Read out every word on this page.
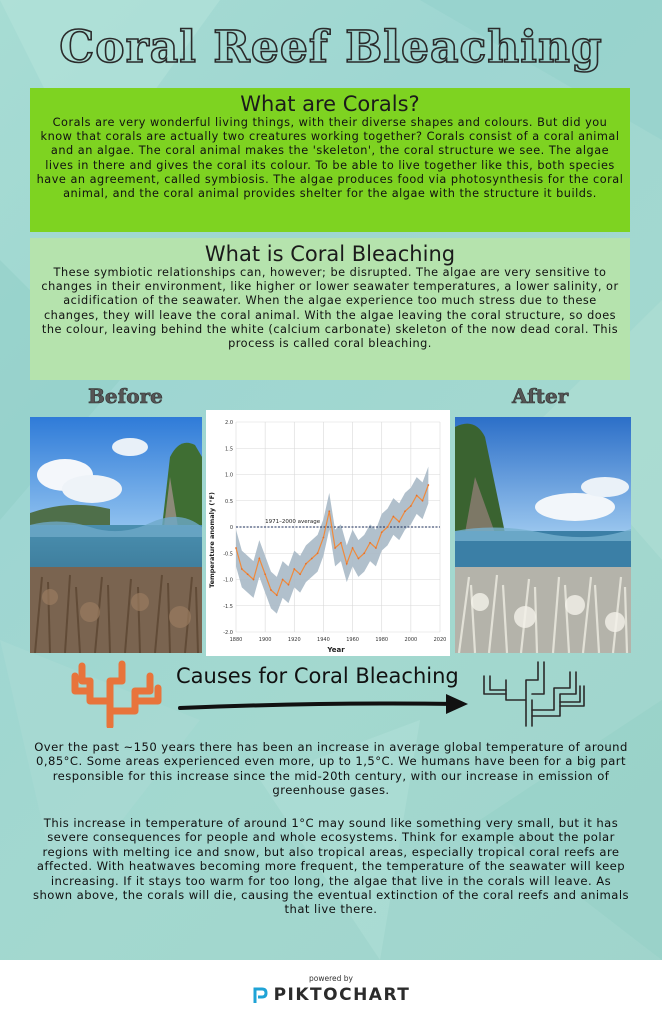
Coral Reef Bleaching
What are Corals?

Corals are very wonderful living things, with their diverse shapes and colours. But did you know that corals are actually two creatures working together? Corals consist of a coral animal and an algae. The coral animal makes the 'skeleton', the coral structure we see. The algae lives in there and gives the coral its colour. To be able to live together like this, both species have an agreement, called symbiosis. The algae produces food via photosynthesis for the coral animal, and the coral animal provides shelter for the algae with the structure it builds.

What is Coral Bleaching

These symbiotic relationships can, however; be disrupted. The algae are very sensitive to changes in their environment, like higher or lower seawater temperatures, a lower salinity, or acidification of the seawater. When the algae experience too much stress due to these changes, they will leave the coral animal. With the algae leaving the coral structure, so does the colour, leaving behind the white (calcium carbonate) skeleton of the now dead coral. This process is called coral bleaching.

Before	After
Temperature anomaly (°F)
Year
2.0
1.5
1.0
0.5
0
-0.5
-1.0
-1.5
-2.0
1880	1900	1920	1940	1960	1980	2000	2020
1971–2000 average
Causes for Coral Bleaching

Over the past ~150 years there has been an increase in average global temperature of around 0,85°C. Some areas experienced even more, up to 1,5°C. We humans have been for a big part responsible for this increase since the mid-20th century, with our increase in emission of greenhouse gases.

This increase in temperature of around 1°C may sound like something very small, but it has severe consequences for people and whole ecosystems. Think for example about the polar regions with melting ice and snow, but also tropical areas, especially tropical coral reefs are affected. With heatwaves becoming more frequent, the temperature of the seawater will keep increasing. If it stays too warm for too long, the algae that live in the corals will leave. As shown above, the corals will die, causing the eventual extinction of the coral reefs and animals that live there.

powered by
PIKTOCHART
